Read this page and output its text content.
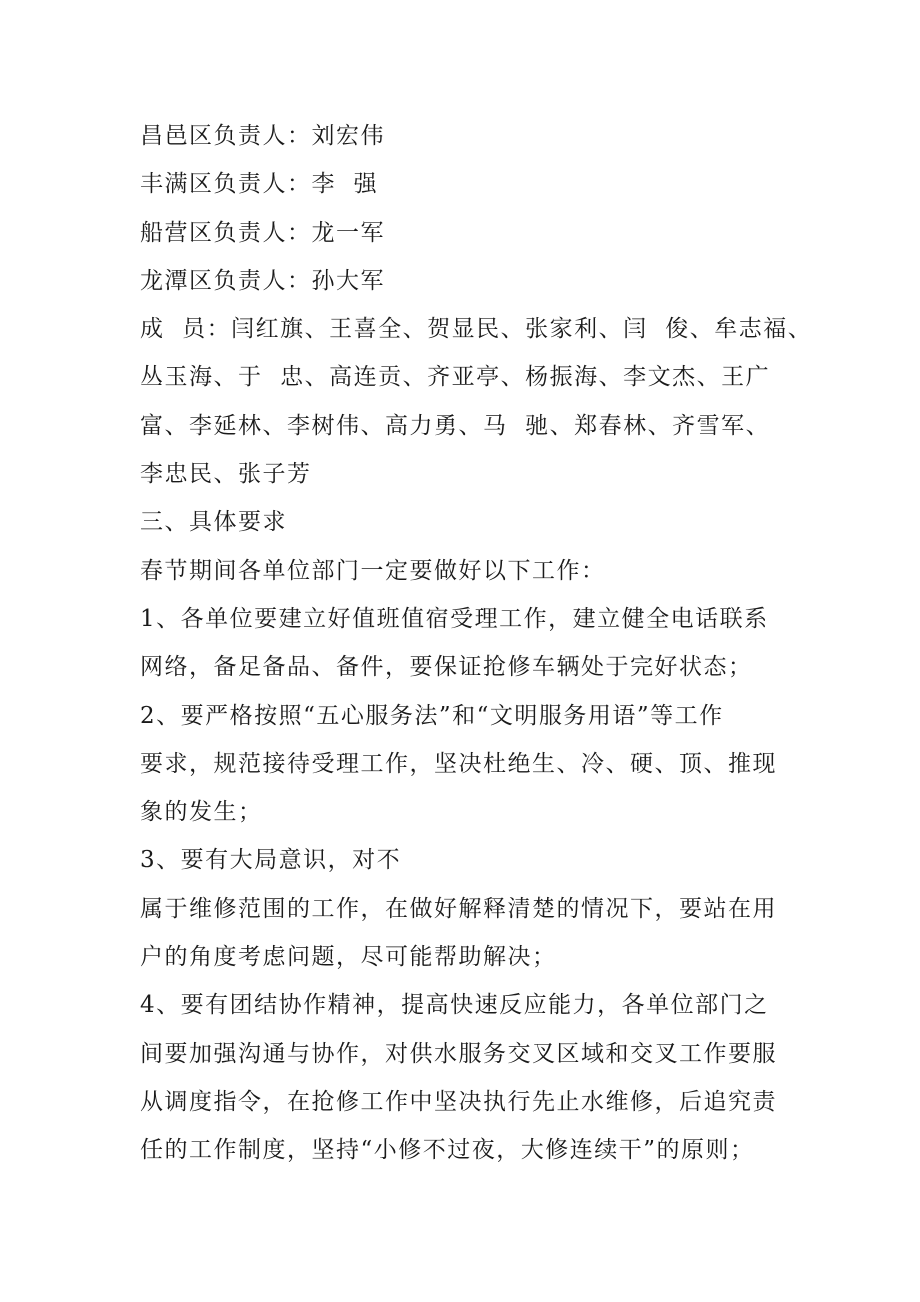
昌邑区负责人：刘宏伟
丰满区负责人：李  强
船营区负责人：龙一军
龙潭区负责人：孙大军
成  员：闫红旗、王喜全、贺显民、张家利、闫  俊、牟志福、
丛玉海、于  忠、高连贡、齐亚亭、杨振海、李文杰、王广
富、李延林、李树伟、高力勇、马  驰、郑春林、齐雪军、
李忠民、张子芳
三、具体要求
春节期间各单位部门一定要做好以下工作：
1、各单位要建立好值班值宿受理工作，建立健全电话联系
网络，备足备品、备件，要保证抢修车辆处于完好状态；
2、要严格按照“五心服务法”和“文明服务用语”等工作
要求，规范接待受理工作，坚决杜绝生、冷、硬、顶、推现
象的发生；
3、要有大局意识，对不
属于维修范围的工作，在做好解释清楚的情况下，要站在用
户的角度考虑问题，尽可能帮助解决；
4、要有团结协作精神，提高快速反应能力，各单位部门之
间要加强沟通与协作，对供水服务交叉区域和交叉工作要服
从调度指令，在抢修工作中坚决执行先止水维修，后追究责
任的工作制度，坚持“小修不过夜，大修连续干”的原则；
